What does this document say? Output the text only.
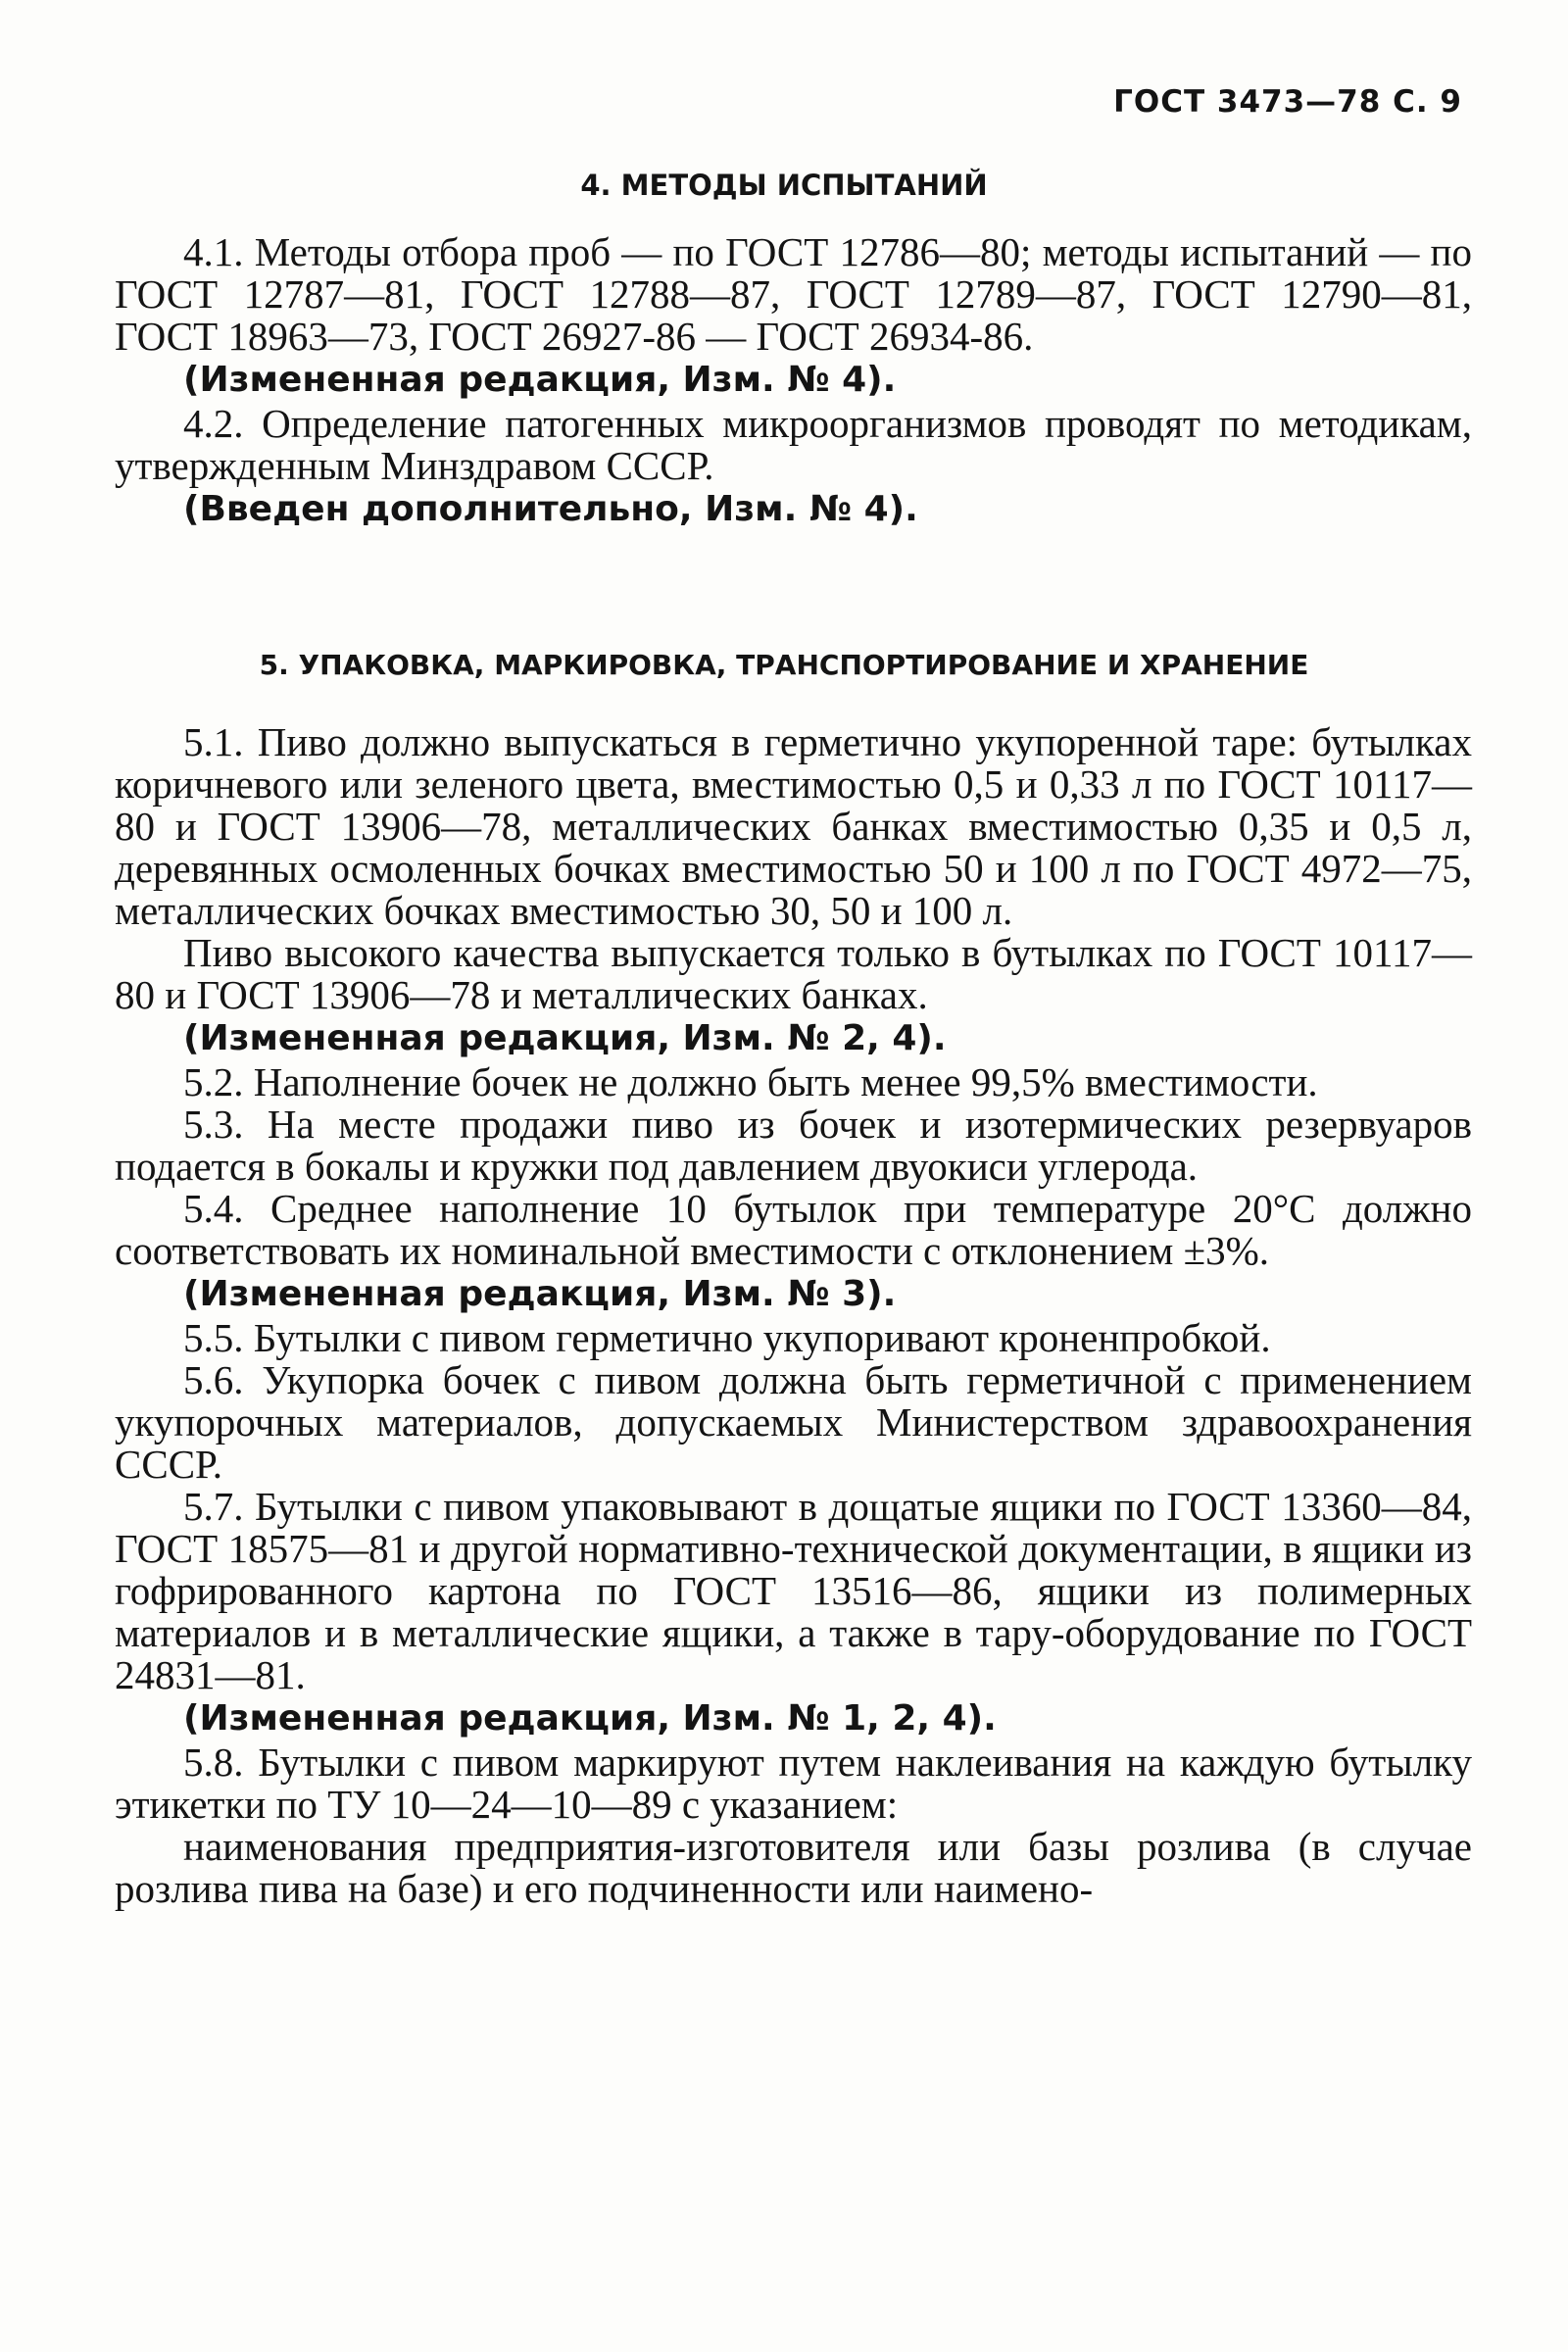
ГОСТ 3473—78 С. 9
4. МЕТОДЫ ИСПЫТАНИЙ

4.1. Методы отбора проб — по ГОСТ 12786—80; методы испытаний — по ГОСТ 12787—81, ГОСТ 12788—87, ГОСТ 12789—87, ГОСТ 12790—81, ГОСТ 18963—73, ГОСТ 26927-86 — ГОСТ 26934-86.

(Измененная редакция, Изм. № 4).

4.2. Определение патогенных микроорганизмов проводят по методикам, утвержденным Минздравом СССР.

(Введен дополнительно, Изм. № 4).

5. УПАКОВКА, МАРКИРОВКА, ТРАНСПОРТИРОВАНИЕ И ХРАНЕНИЕ

5.1. Пиво должно выпускаться в герметично укупоренной таре: бутылках коричневого или зеленого цвета, вместимостью 0,5 и 0,33 л по ГОСТ 10117—80 и ГОСТ 13906—78, металлических банках вместимостью 0,35 и 0,5 л, деревянных осмоленных бочках вместимостью 50 и 100 л по ГОСТ 4972—75, металлических бочках вместимостью 30, 50 и 100 л.

Пиво высокого качества выпускается только в бутылках по ГОСТ 10117—80 и ГОСТ 13906—78 и металлических банках.

(Измененная редакция, Изм. № 2, 4).

5.2. Наполнение бочек не должно быть менее 99,5% вместимости.

5.3. На месте продажи пиво из бочек и изотермических резервуаров подается в бокалы и кружки под давлением двуокиси углерода.

5.4. Среднее наполнение 10 бутылок при температуре 20°С должно соответствовать их номинальной вместимости с отклонением ±3%.

(Измененная редакция, Изм. № 3).

5.5. Бутылки с пивом герметично укупоривают кроненпробкой.

5.6. Укупорка бочек с пивом должна быть герметичной с применением укупорочных материалов, допускаемых Министерством здравоохранения СССР.

5.7. Бутылки с пивом упаковывают в дощатые ящики по ГОСТ 13360—84, ГОСТ 18575—81 и другой нормативно-технической документации, в ящики из гофрированного картона по ГОСТ 13516—86, ящики из полимерных материалов и в металлические ящики, а также в тару-оборудование по ГОСТ 24831—81.

(Измененная редакция, Изм. № 1, 2, 4).

5.8. Бутылки с пивом маркируют путем наклеивания на каждую бутылку этикетки по ТУ 10—24—10—89 с указанием:

наименования предприятия-изготовителя или базы розлива (в случае розлива пива на базе) и его подчиненности или наимено-
